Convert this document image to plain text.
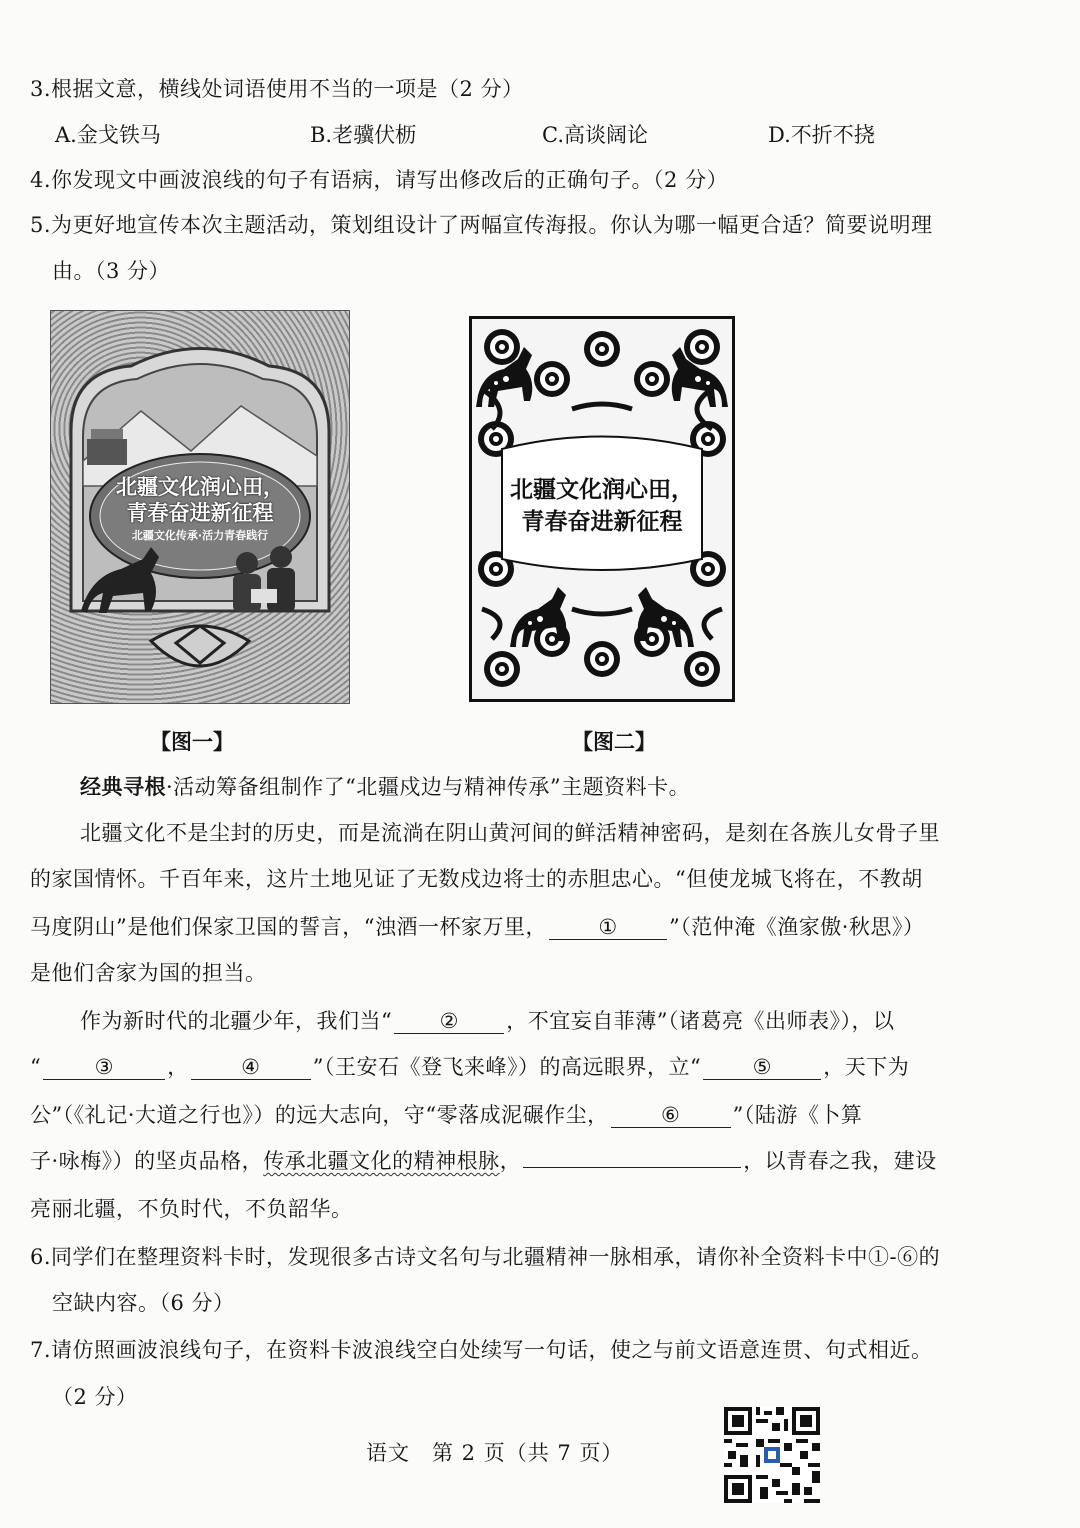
3.根据文意，横线处词语使用不当的一项是（2 分）
A.金戈铁马	B.老骥伏枥	C.高谈阔论	D.不折不挠
4.你发现文中画波浪线的句子有语病，请写出修改后的正确句子。（2 分）
5.为更好地宣传本次主题活动，策划组设计了两幅宣传海报。你认为哪一幅更合适？简要说明理
由。（3 分）
北疆文化润心田，
青春奋进新征程
北疆文化传承·活力青春践行
【图一】
北疆文化润心田，
青春奋进新征程
【图二】
经典寻根·活动筹备组制作了“北疆戍边与精神传承”主题资料卡。
北疆文化不是尘封的历史，而是流淌在阴山黄河间的鲜活精神密码，是刻在各族儿女骨子里
的家国情怀。千百年来，这片土地见证了无数戍边将士的赤胆忠心。“但使龙城飞将在，不教胡
马度阴山”是他们保家卫国的誓言，“浊酒一杯家万里， ① ”（范仲淹《渔家傲·秋思》）
是他们舍家为国的担当。
作为新时代的北疆少年，我们当“ ② ，不宜妄自菲薄”（诸葛亮《出师表》），以
“	③	， ④ ”（王安石《登飞来峰》）的高远眼界，立“ ⑤ ，天下为
公”（《礼记·大道之行也》）的远大志向，守“零落成泥碾作尘， ⑥ ”（陆游《卜算
子·咏梅》）的坚贞品格，传承北疆文化的精神根脉，	，以青春之我，建设
亮丽北疆，不负时代，不负韶华。
6.同学们在整理资料卡时，发现很多古诗文名句与北疆精神一脉相承，请你补全资料卡中①-⑥的
空缺内容。（6 分）
7.请仿照画波浪线句子，在资料卡波浪线空白处续写一句话，使之与前文语意连贯、句式相近。
（2 分）
语文　第 2 页（共 7 页）
